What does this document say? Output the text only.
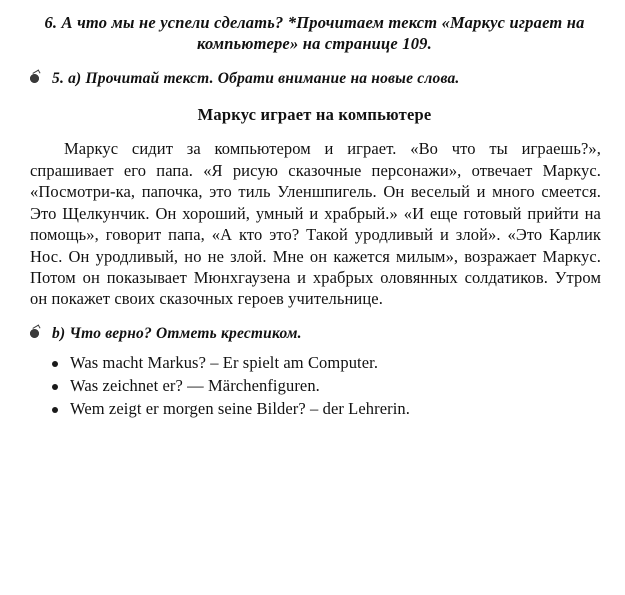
6. А что мы не успели сделать? *Прочитаем текст «Маркус играет на компьютере» на странице 109.
5. а) Прочитай текст. Обрати внимание на новые слова.
Маркус играет на компьютере
Маркус сидит за компьютером и играет. «Во что ты играешь?», спрашивает его папа. «Я рисую сказочные персонажи», отвечает Маркус. «Посмотри-ка, папочка, это тиль Уленшпигель. Он веселый и много смеется. Это Щелкунчик. Он хороший, умный и храбрый.» «И еще готовый прийти на помощь», говорит папа, «А кто это? Такой уродливый и злой». «Это Карлик Нос. Он уродливый, но не злой. Мне он кажется милым», возражает Маркус. Потом он показывает Мюнхгаузена и храбрых оловянных солдатиков. Утром он покажет своих сказочных героев учительнице.
b) Что верно? Отметь крестиком.
Was macht Markus? – Er spielt am Computer.
Was zeichnet er? — Märchenfiguren.
Wem zeigt er morgen seine Bilder? – der Lehrerin.
